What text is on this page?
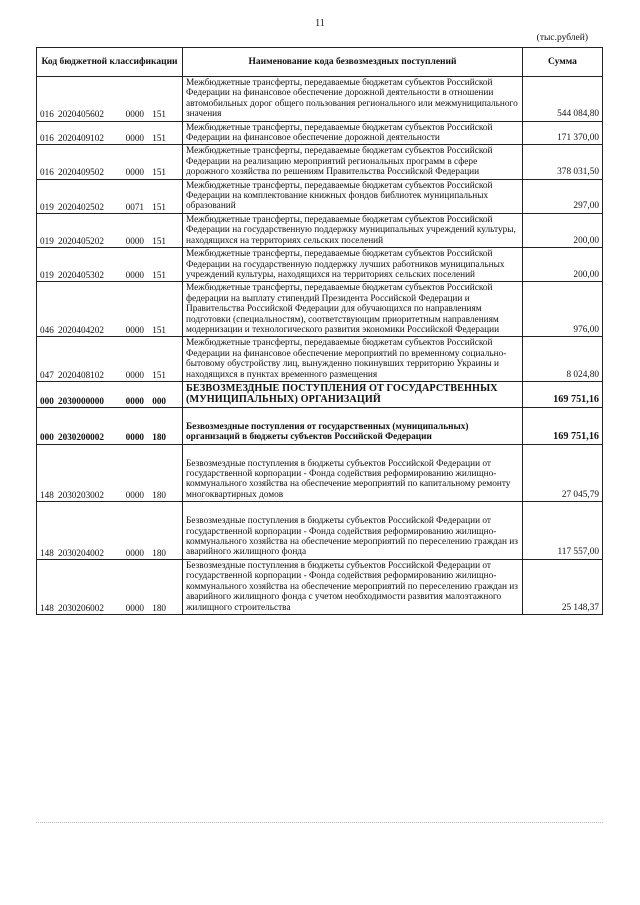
11
(тыс.рублей)
Код бюджетной классификации	Наименование кода безвозмездных поступлений	Сумма
016 2020405602 0000 151	Межбюджетные трансферты, передаваемые бюджетам субъектов Российской Федерации на финансовое обеспечение дорожной деятельности в отношении автомобильных дорог общего пользования регионального или межмуниципального значения	544 084,80
016 2020409102 0000 151	Межбюджетные трансферты, передаваемые бюджетам субъектов Российской Федерации на финансовое обеспечение дорожной деятельности	171 370,00
016 2020409502 0000 151	Межбюджетные трансферты, передаваемые бюджетам субъектов Российской Федерации на реализацию мероприятий региональных программ в сфере дорожного хозяйства по решениям Правительства Российской Федерации	378 031,50
019 2020402502 0071 151	Межбюджетные трансферты, передаваемые бюджетам субъектов Российской Федерации на комплектование книжных фондов библиотек муниципальных образований	297,00
019 2020405202 0000 151	Межбюджетные трансферты, передаваемые бюджетам субъектов Российской Федерации на государственную поддержку муниципальных учреждений культуры, находящихся на территориях сельских поселений	200,00
019 2020405302 0000 151	Межбюджетные трансферты, передаваемые бюджетам субъектов Российской Федерации на государственную поддержку лучших работников муниципальных учреждений культуры, находящихся на территориях сельских поселений	200,00
046 2020404202 0000 151	Межбюджетные трансферты, передаваемые бюджетам субъектов Российской федерации на выплату стипендий Президента Российской Федерации и Правительства Российской Федерации для обучающихся по направлениям подготовки (специальностям), соответствующим приоритетным направлениям модернизации и технологического развития экономики Российской Федерации	976,00
047 2020408102 0000 151	Межбюджетные трансферты, передаваемые бюджетам субъектов Российской Федерации на финансовое обеспечение мероприятий по временному социально-бытовому обустройству лиц, вынужденно покинувших территорию Украины и находящихся в пунктах временного размещения	8 024,80
000 2030000000 0000 000	БЕЗВОЗМЕЗДНЫЕ ПОСТУПЛЕНИЯ ОТ ГОСУДАРСТВЕННЫХ (МУНИЦИПАЛЬНЫХ) ОРГАНИЗАЦИЙ	169 751,16
000 2030200002 0000 180	Безвозмездные поступления от государственных (муниципальных) организаций в бюджеты субъектов Российской Федерации	169 751,16
148 2030203002 0000 180	Безвозмездные поступления в бюджеты субъектов Российской Федерации от государственной корпорации - Фонда содействия реформированию жилищно-коммунального хозяйства на обеспечение мероприятий по капитальному ремонту многоквартирных домов	27 045,79
148 2030204002 0000 180	Безвозмездные поступления в бюджеты субъектов Российской Федерации от государственной корпорации - Фонда содействия реформированию жилищно-коммунального хозяйства на обеспечение мероприятий по переселению граждан из аварийного жилищного фонда	117 557,00
148 2030206002 0000 180	Безвозмездные поступления в бюджеты субъектов Российской Федерации от государственной корпорации - Фонда содействия реформированию жилищно-коммунального хозяйства на обеспечение мероприятий по переселению граждан из аварийного жилищного фонда с учетом необходимости развития малоэтажного жилищного строительства	25 148,37
